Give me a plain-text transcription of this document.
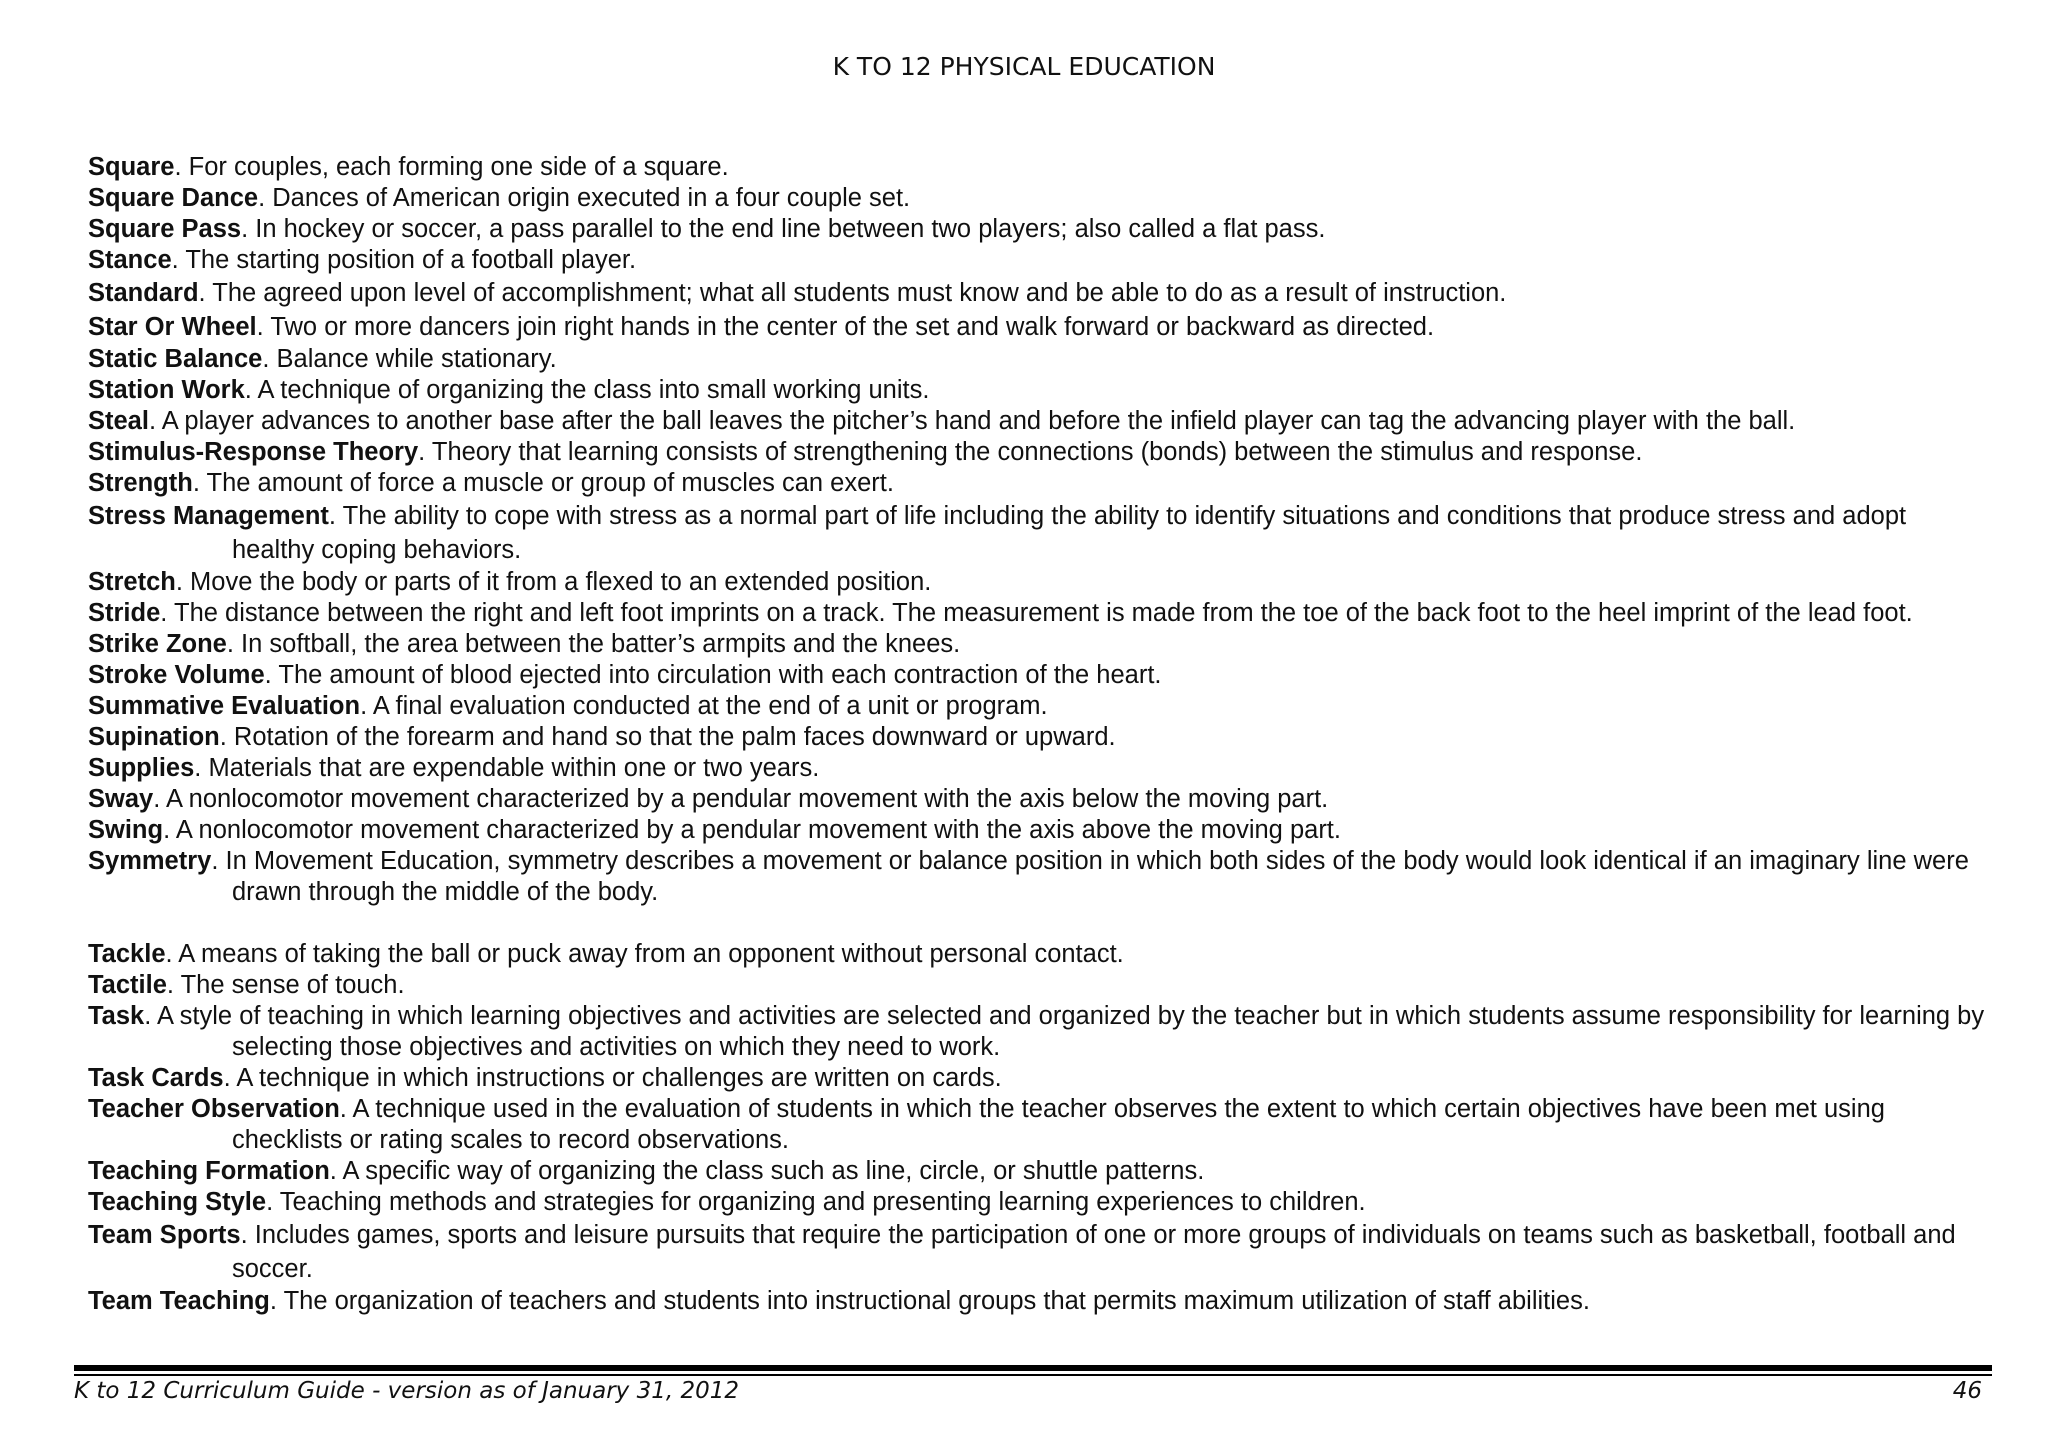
K TO 12 PHYSICAL EDUCATION
Square. For couples, each forming one side of a square.
Square Dance. Dances of American origin executed in a four couple set.
Square Pass. In hockey or soccer, a pass parallel to the end line between two players; also called a flat pass.
Stance. The starting position of a football player.
Standard. The agreed upon level of accomplishment; what all students must know and be able to do as a result of instruction.
Star Or Wheel. Two or more dancers join right hands in the center of the set and walk forward or backward as directed.
Static Balance. Balance while stationary.
Station Work. A technique of organizing the class into small working units.
Steal. A player advances to another base after the ball leaves the pitcher’s hand and before the infield player can tag the advancing player with the ball.
Stimulus-Response Theory. Theory that learning consists of strengthening the connections (bonds) between the stimulus and response.
Strength. The amount of force a muscle or group of muscles can exert.
Stress Management. The ability to cope with stress as a normal part of life including the ability to identify situations and conditions that produce stress and adopt healthy coping behaviors.
Stretch. Move the body or parts of it from a flexed to an extended position.
Stride. The distance between the right and left foot imprints on a track. The measurement is made from the toe of the back foot to the heel imprint of the lead foot.
Strike Zone. In softball, the area between the batter’s armpits and the knees.
Stroke Volume. The amount of blood ejected into circulation with each contraction of the heart.
Summative Evaluation. A final evaluation conducted at the end of a unit or program.
Supination. Rotation of the forearm and hand so that the palm faces downward or upward.
Supplies. Materials that are expendable within one or two years.
Sway. A nonlocomotor movement characterized by a pendular movement with the axis below the moving part.
Swing. A nonlocomotor movement characterized by a pendular movement with the axis above the moving part.
Symmetry. In Movement Education, symmetry describes a movement or balance position in which both sides of the body would look identical if an imaginary line were drawn through the middle of the body.
Tackle. A means of taking the ball or puck away from an opponent without personal contact.
Tactile. The sense of touch.
Task. A style of teaching in which learning objectives and activities are selected and organized by the teacher but in which students assume responsibility for learning by selecting those objectives and activities on which they need to work.
Task Cards. A technique in which instructions or challenges are written on cards.
Teacher Observation. A technique used in the evaluation of students in which the teacher observes the extent to which certain objectives have been met using checklists or rating scales to record observations.
Teaching Formation. A specific way of organizing the class such as line, circle, or shuttle patterns.
Teaching Style. Teaching methods and strategies for organizing and presenting learning experiences to children.
Team Sports. Includes games, sports and leisure pursuits that require the participation of one or more groups of individuals on teams such as basketball, football and soccer.
Team Teaching. The organization of teachers and students into instructional groups that permits maximum utilization of staff abilities.
K to 12 Curriculum Guide - version as of January 31, 2012	46
